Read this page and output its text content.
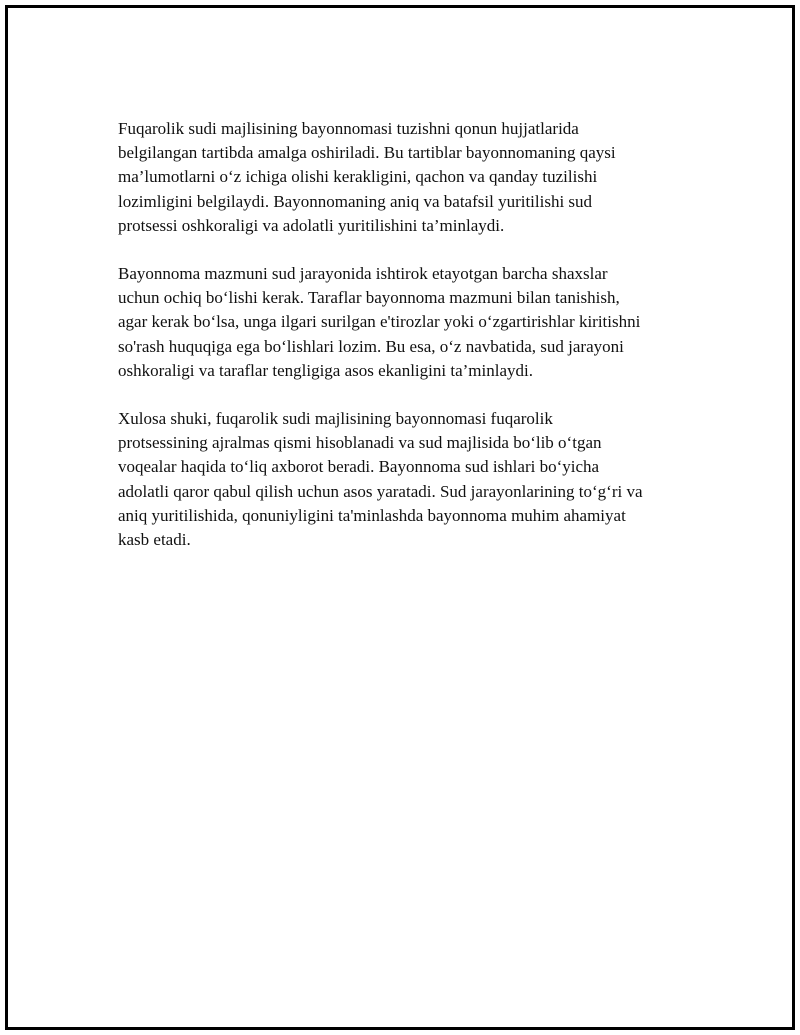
Fuqarolik sudi majlisining bayonnomasi tuzishni qonun hujjatlarida
belgilangan tartibda amalga oshiriladi. Bu tartiblar bayonnomaning qaysi
ma’lumotlarni o‘z ichiga olishi kerakligini, qachon va qanday tuzilishi
lozimligini belgilaydi. Bayonnomaning aniq va batafsil yuritilishi sud
protsessi oshkoraligi va adolatli yuritilishini ta’minlaydi.

Bayonnoma mazmuni sud jarayonida ishtirok etayotgan barcha shaxslar
uchun ochiq bo‘lishi kerak. Taraflar bayonnoma mazmuni bilan tanishish,
agar kerak bo‘lsa, unga ilgari surilgan e'tirozlar yoki o‘zgartirishlar kiritishni
so'rash huquqiga ega bo‘lishlari lozim. Bu esa, o‘z navbatida, sud jarayoni
oshkoraligi va taraflar tengligiga asos ekanligini ta’minlaydi.

Xulosa shuki, fuqarolik sudi majlisining bayonnomasi fuqarolik
protsessining ajralmas qismi hisoblanadi va sud majlisida bo‘lib o‘tgan
voqealar haqida to‘liq axborot beradi. Bayonnoma sud ishlari bo‘yicha
adolatli qaror qabul qilish uchun asos yaratadi. Sud jarayonlarining to‘g‘ri va
aniq yuritilishida, qonuniyligini ta'minlashda bayonnoma muhim ahamiyat
kasb etadi.
